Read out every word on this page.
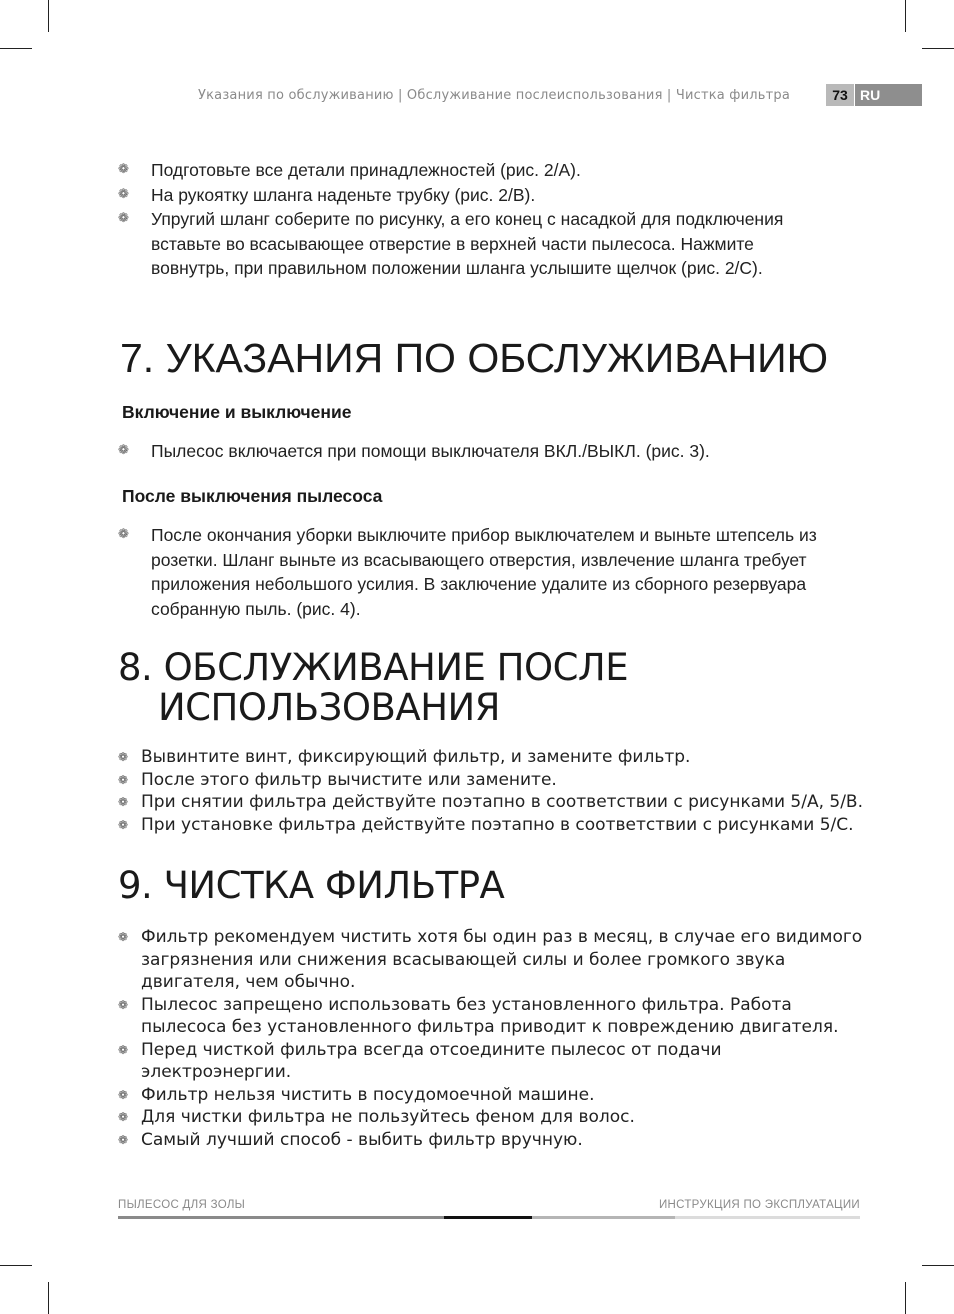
Указания по обслуживанию | Обслуживание послеиспользования | Чистка фильтра	73 RU
❁ Подготовьте все детали принадлежностей (рис. 2/A).
❁ На рукоятку шланга наденьте трубку (рис. 2/B).
❁ Упругий шланг соберите по рисунку, а его конец с насадкой для подключения вставьте во всасывающее отверстие в верхней части пылесоса. Нажмите вовнутрь, при правильном положении шланга услышите щелчок (рис. 2/C).
7. УКАЗАНИЯ ПО ОБСЛУЖИВАНИЮ
Включение и выключение
❁ Пылесос включается при помощи выключателя ВКЛ./ВЫКЛ. (рис. 3).
После выключения пылесоса
❁ После окончания уборки выключите прибор выключателем и выньте штепсель из розетки. Шланг выньте из всасывающего отверстия, извлечение шланга требует приложения небольшого усилия. В заключение удалите из сборного резервуара собранную пыль. (рис. 4).
8. ОБСЛУЖИВАНИЕ ПОСЛЕ
ИСПОЛЬЗОВАНИЯ
❁ Вывинтите винт, фиксирующий фильтр, и замените фильтр.
❁ После этого фильтр вычистите или замените.
❁ При снятии фильтра действуйте поэтапно в соответствии с рисунками 5/A, 5/B.
❁ При установке фильтра действуйте поэтапно в соответствии с рисунками 5/C.
9. ЧИСТКА ФИЛЬТРА
❁ Фильтр рекомендуем чистить хотя бы один раз в месяц, в случае его видимого загрязнения или снижения всасывающей силы и более громкого звука двигателя, чем обычно.
❁ Пылесос запрещено использовать без установленного фильтра. Работа пылесоса без установленного фильтра приводит к повреждению двигателя.
❁ Перед чисткой фильтра всегда отсоедините пылесос от подачи электроэнергии.
❁ Фильтр нельзя чистить в посудомоечной машине.
❁ Для чистки фильтра не пользуйтесь феном для волос.
❁ Самый лучший способ - выбить фильтр вручную.
ПЫЛЕСОС ДЛЯ ЗОЛЫ	ИНСТРУКЦИЯ ПО ЭКСПЛУАТАЦИИ
